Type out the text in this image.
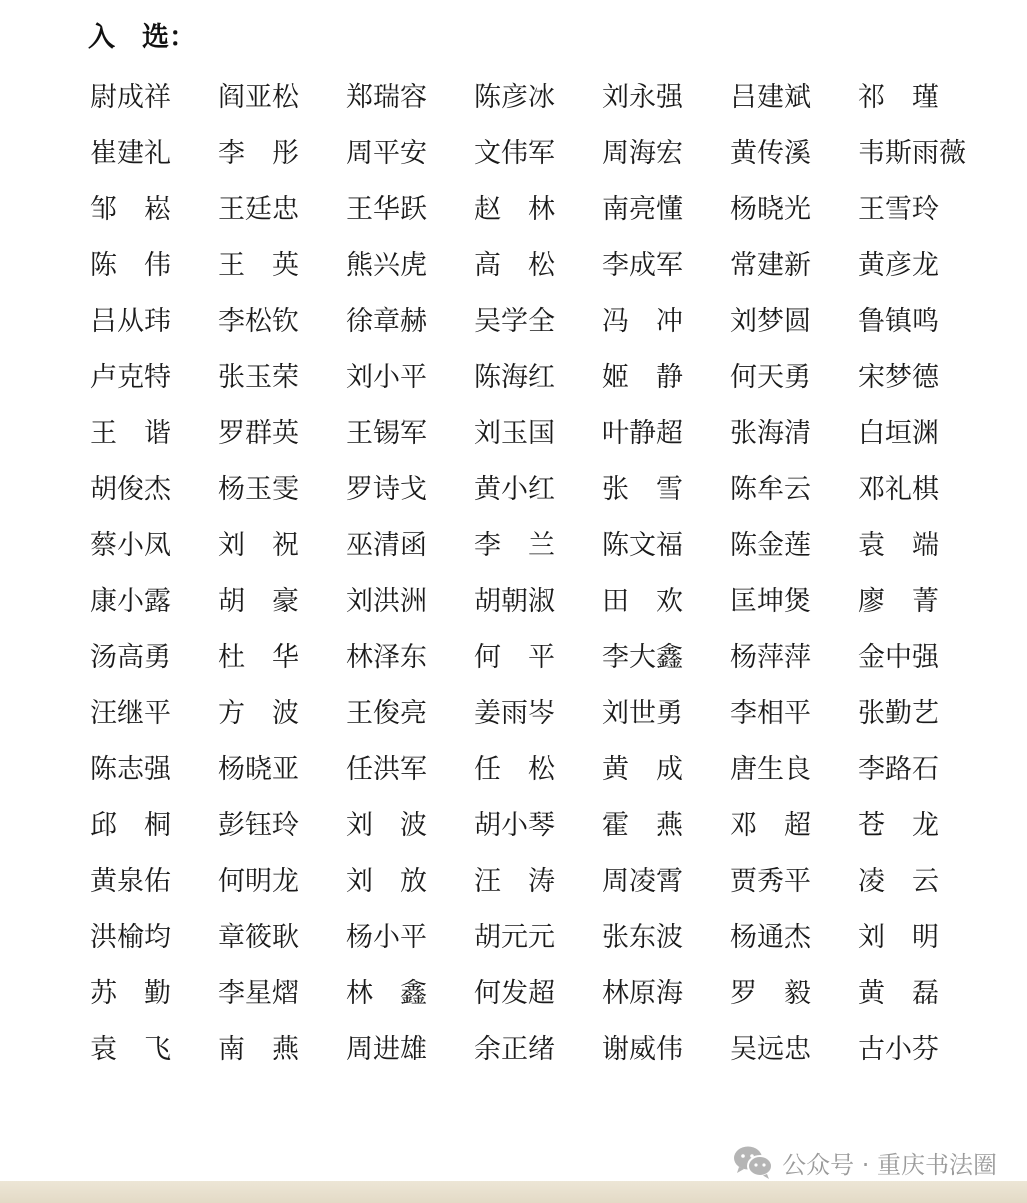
入　选：
尉成祥	阎亚松	郑瑞容	陈彦冰	刘永强	吕建斌	祁　瑾
崔建礼	李　彤	周平安	文伟军	周海宏	黄传溪	韦斯雨薇
邹　崧	王廷忠	王华跃	赵　林	南亮懂	杨晓光	王雪玲
陈　伟	王　英	熊兴虎	高　松	李成军	常建新	黄彦龙
吕从玮	李松钦	徐章赫	吴学全	冯　冲	刘梦圆	鲁镇鸣
卢克特	张玉荣	刘小平	陈海红	姬　静	何天勇	宋梦德
王　谐	罗群英	王锡军	刘玉国	叶静超	张海清	白垣渊
胡俊杰	杨玉雯	罗诗戈	黄小红	张　雪	陈牟云	邓礼棋
蔡小凤	刘　祝	巫清函	李　兰	陈文福	陈金莲	袁　端
康小露	胡　豪	刘洪洲	胡朝淑	田　欢	匡坤煲	廖　菁
汤高勇	杜　华	林泽东	何　平	李大鑫	杨萍萍	金中强
汪继平	方　波	王俊亮	姜雨岑	刘世勇	李相平	张勤艺
陈志强	杨晓亚	任洪军	任　松	黄　成	唐生良	李路石
邱　桐	彭钰玲	刘　波	胡小琴	霍　燕	邓　超	苍　龙
黄泉佑	何明龙	刘　放	汪　涛	周凌霄	贾秀平	凌　云
洪榆均	章筱耿	杨小平	胡元元	张东波	杨通杰	刘　明
苏　勤	李星熠	林　鑫	何发超	林原海	罗　毅	黄　磊
袁　飞	南　燕	周进雄	余正绪	谢威伟	吴远忠	古小芬
公众号 · 重庆书法圈
